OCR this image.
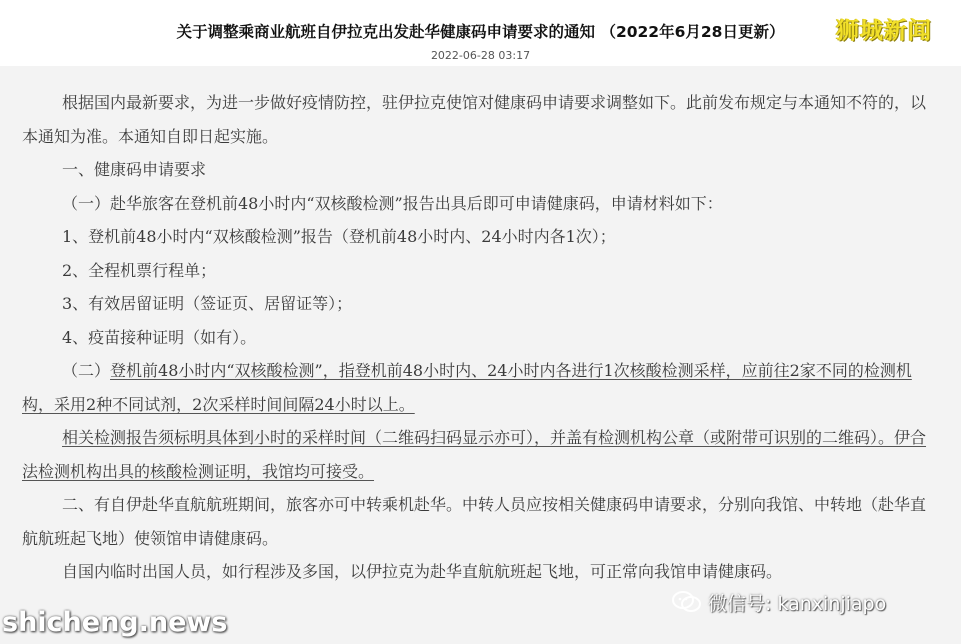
关于调整乘商业航班自伊拉克出发赴华健康码申请要求的通知 （2022年6月28日更新）
2022-06-28 03:17
狮城新闻

根据国内最新要求，为进一步做好疫情防控，驻伊拉克使馆对健康码申请要求调整如下。此前发布规定与本通知不符的，以本通知为准。本通知自即日起实施。

一、健康码申请要求

（一）赴华旅客在登机前48小时内“双核酸检测”报告出具后即可申请健康码，申请材料如下：

1、登机前48小时内“双核酸检测”报告（登机前48小时内、24小时内各1次）；

2、全程机票行程单；

3、有效居留证明（签证页、居留证等）；

4、疫苗接种证明（如有）。

（二）登机前48小时内“双核酸检测”，指登机前48小时内、24小时内各进行1次核酸检测采样，应前往2家不同的检测机构，采用2种不同试剂，2次采样时间间隔24小时以上。

相关检测报告须标明具体到小时的采样时间（二维码扫码显示亦可），并盖有检测机构公章（或附带可识别的二维码）。伊合法检测机构出具的核酸检测证明，我馆均可接受。

二、有自伊赴华直航航班期间，旅客亦可中转乘机赴华。中转人员应按相关健康码申请要求，分别向我馆、中转地（赴华直航航班起飞地）使领馆申请健康码。

自国内临时出国人员，如行程涉及多国，以伊拉克为赴华直航航班起飞地，可正常向我馆申请健康码。

微信号: kanxinjiapo
shicheng.news
